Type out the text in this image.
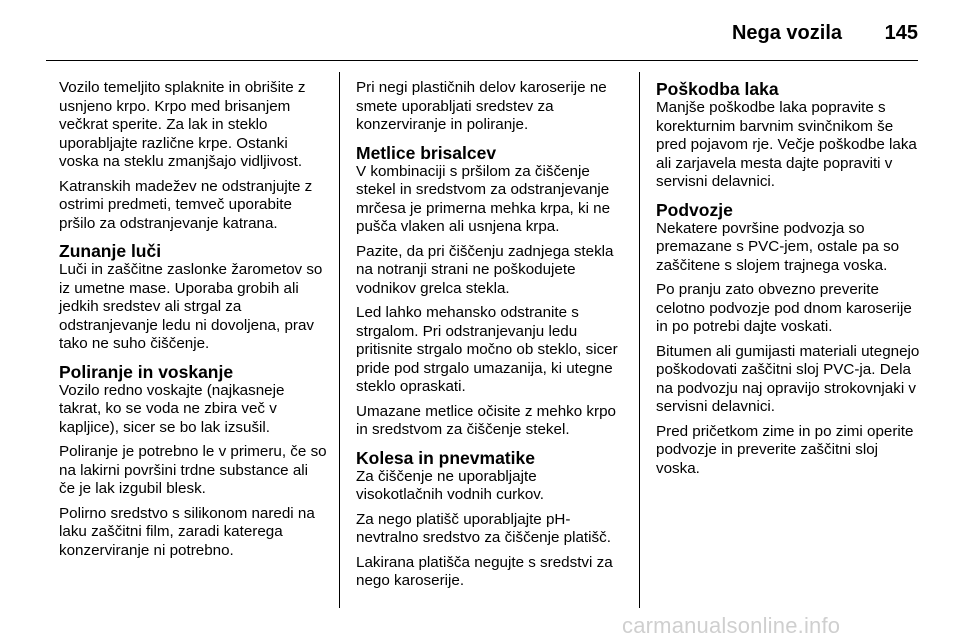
Nega vozila	145

Vozilo temeljito splaknite in obrišite z usnjeno krpo. Krpo med brisanjem večkrat sperite. Za lak in steklo uporabljajte različne krpe. Ostanki voska na steklu zmanjšajo vidljivost.

Katranskih madežev ne odstranjujte z ostrimi predmeti, temveč uporabite pršilo za odstranjevanje katrana.

Zunanje luči

Luči in zaščitne zaslonke žarometov so iz umetne mase. Uporaba grobih ali jedkih sredstev ali strgal za odstranjevanje ledu ni dovoljena, prav tako ne suho čiščenje.

Poliranje in voskanje

Vozilo redno voskajte (najkasneje takrat, ko se voda ne zbira več v kapljice), sicer se bo lak izsušil.

Poliranje je potrebno le v primeru, če so na lakirni površini trdne substance ali če je lak izgubil blesk.

Polirno sredstvo s silikonom naredi na laku zaščitni film, zaradi katerega konzerviranje ni potrebno.

Pri negi plastičnih delov karoserije ne smete uporabljati sredstev za konzerviranje in poliranje.

Metlice brisalcev

V kombinaciji s pršilom za čiščenje stekel in sredstvom za odstranjevanje mrčesa je primerna mehka krpa, ki ne pušča vlaken ali usnjena krpa.

Pazite, da pri čiščenju zadnjega stekla na notranji strani ne poškodujete vodnikov grelca stekla.

Led lahko mehansko odstranite s strgalom. Pri odstranjevanju ledu pritisnite strgalo močno ob steklo, sicer pride pod strgalo umazanija, ki utegne steklo opraskati.

Umazane metlice očisite z mehko krpo in sredstvom za čiščenje stekel.

Kolesa in pnevmatike

Za čiščenje ne uporabljajte visokotlačnih vodnih curkov.

Za nego platišč uporabljajte pH-nevtralno sredstvo za čiščenje platišč.

Lakirana platišča negujte s sredstvi za nego karoserije.

Poškodba laka

Manjše poškodbe laka popravite s korekturnim barvnim svinčnikom še pred pojavom rje. Večje poškodbe laka ali zarjavela mesta dajte popraviti v servisni delavnici.

Podvozje

Nekatere površine podvozja so premazane s PVC-jem, ostale pa so zaščitene s slojem trajnega voska.

Po pranju zato obvezno preverite celotno podvozje pod dnom karoserije in po potrebi dajte voskati.

Bitumen ali gumijasti materiali utegnejo poškodovati zaščitni sloj PVC-ja. Dela na podvozju naj opravijo strokovnjaki v servisni delavnici.

Pred pričetkom zime in po zimi operite podvozje in preverite zaščitni sloj voska.

carmanualsonline.info
